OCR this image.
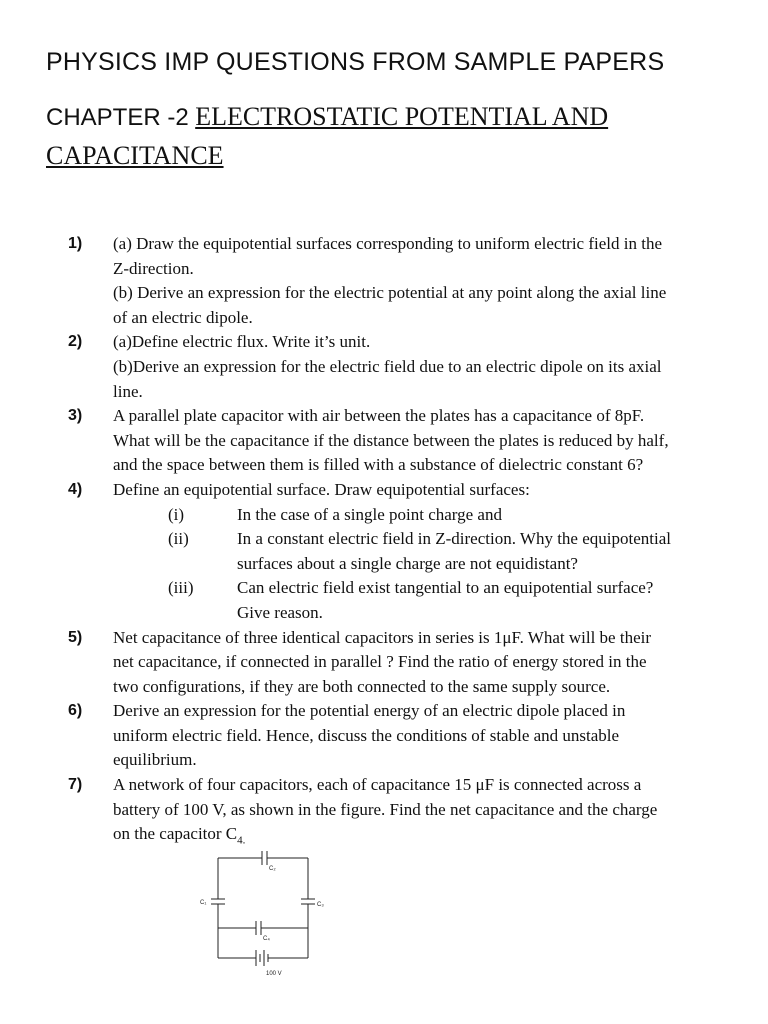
PHYSICS IMP QUESTIONS FROM SAMPLE PAPERS
CHAPTER -2 ELECTROSTATIC POTENTIAL AND
CAPACITANCE
1) (a) Draw the equipotential surfaces corresponding to uniform electric field in the
Z-direction.
(b) Derive an expression for the electric potential at any point along the axial line
of an electric dipole.
2) (a)Define electric flux. Write it’s unit.
(b)Derive an expression for the electric field due to an electric dipole on its axial
line.
3) A parallel plate capacitor with air between the plates has a capacitance of 8pF.
What will be the capacitance if the distance between the plates is reduced by half,
and the space between them is filled with a substance of dielectric constant 6?
4) Define an equipotential surface. Draw equipotential surfaces:
(i)	In the case of a single point charge and
(ii)	In a constant electric field in Z-direction. Why the equipotential
surfaces about a single charge are not equidistant?
(iii)	Can electric field exist tangential to an equipotential surface?
Give reason.
5) Net capacitance of three identical capacitors in series is 1μF. What will be their
net capacitance, if connected in parallel ? Find the ratio of energy stored in the
two configurations, if they are both connected to the same supply source.
6) Derive an expression for the potential energy of an electric dipole placed in
uniform electric field. Hence, discuss the conditions of stable and unstable
equilibrium.
7) A network of four capacitors, each of capacitance 15 μF is connected across a
battery of 100 V, as shown in the figure. Find the net capacitance and the charge
on the capacitor $C_{4.}$
C₂
C₁	C₃
C₄
100 V
